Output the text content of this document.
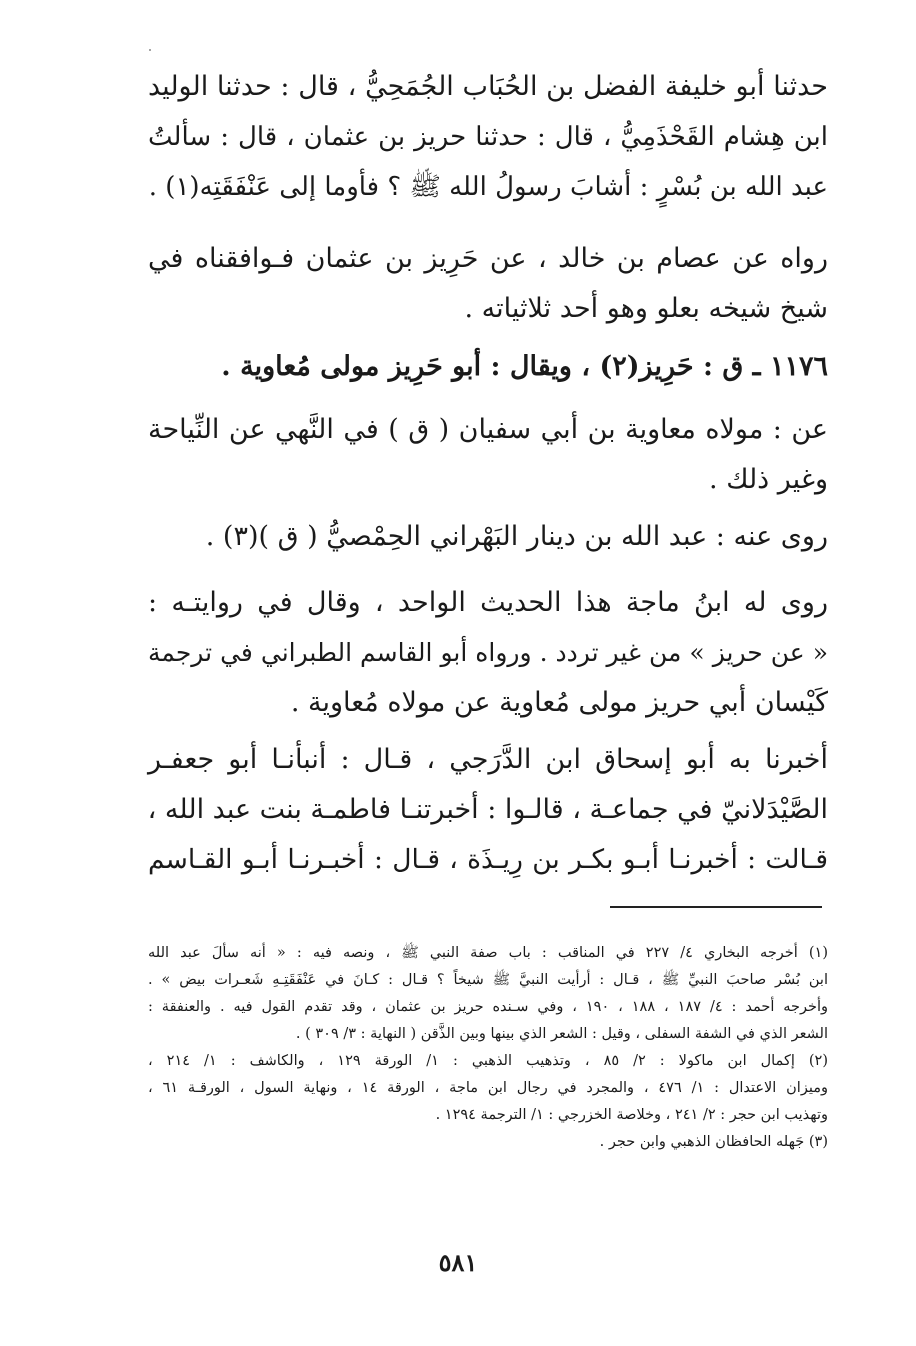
حدثنا أبو خليفة الفضل بن الحُبَاب الجُمَحِيُّ ، قال : حدثنا الوليد
ابن هِشام القَحْذَمِيُّ ، قال : حدثنا حريز بن عثمان ، قال : سألتُ
عبد الله بن بُسْرٍ : أشابَ رسولُ الله ﷺ ؟ فأوما إلى عَنْفَقَتِه(١) .
رواه عن عصام بن خالد ، عن حَرِيز بن عثمان فـوافقناه في
شيخ شيخه بعلو وهو أحد ثلاثياته .
١١٧٦ ـ ق : حَرِيز(٢) ، ويقال : أبو حَرِيز مولى مُعاوية .
عن : مولاه معاوية بن أبي سفيان ( ق ) في النَّهي عن النِّياحة
وغير ذلك .
روى عنه : عبد الله بن دينار البَهْراني الحِمْصيُّ ( ق )(٣) .
روى له ابنُ ماجة هذا الحديث الواحد ، وقال في روايتـه :
« عن حريز » من غير تردد . ورواه أبو القاسم الطبراني في ترجمة
كَيْسان أبي حريز مولى مُعاوية عن مولاه مُعاوية .
أخبرنا به أبو إسحاق ابن الدَّرَجي ، قـال : أنبأنـا أبو جعفـر
الصَّيْدَلانيّ في جماعـة ، قالـوا : أخبرتنـا فاطمـة بنت عبد الله ،
قـالت : أخبرنـا أبـو بكـر بن رِيـذَة ، قـال : أخبـرنـا أبـو القـاسم
(١) أخرجه البخاري ٤/ ٢٢٧ في المناقب : باب صفة النبي ﷺ ، ونصه فيه : « أنه سألَ عبد الله
ابن بُسْر صاحبَ النبيِّ ﷺ ، قـال : أرأيت النبيَّ ﷺ شيخاً ؟ قـال : كـانَ في عَنْفَقَتِـهِ شَعـرات بيض » .
وأخرجه أحمد : ٤/ ١٨٧ ، ١٨٨ ، ١٩٠ ، وفي سـنده حريز بن عثمان ، وقد تقدم القول فيه . والعنفقة :
الشعر الذي في الشفة السفلى ، وقيل : الشعر الذي بينها وبين الذَّقن ( النهاية : ٣/ ٣٠٩ ) .
(٢) إكمال ابن ماكولا : ٢/ ٨٥ ، وتذهيب الذهبي : ١/ الورقة ١٢٩ ، والكاشف : ١/ ٢١٤ ،
وميزان الاعتدال : ١/ ٤٧٦ ، والمجرد في رجال ابن ماجة ، الورقة ١٤ ، ونهاية السول ، الورقـة ٦١ ،
وتهذيب ابن حجر : ٢/ ٢٤١ ، وخلاصة الخزرجي : ١/ الترجمة ١٢٩٤ .
(٣) جَهله الحافظان الذهبي وابن حجر .
٥٨١
